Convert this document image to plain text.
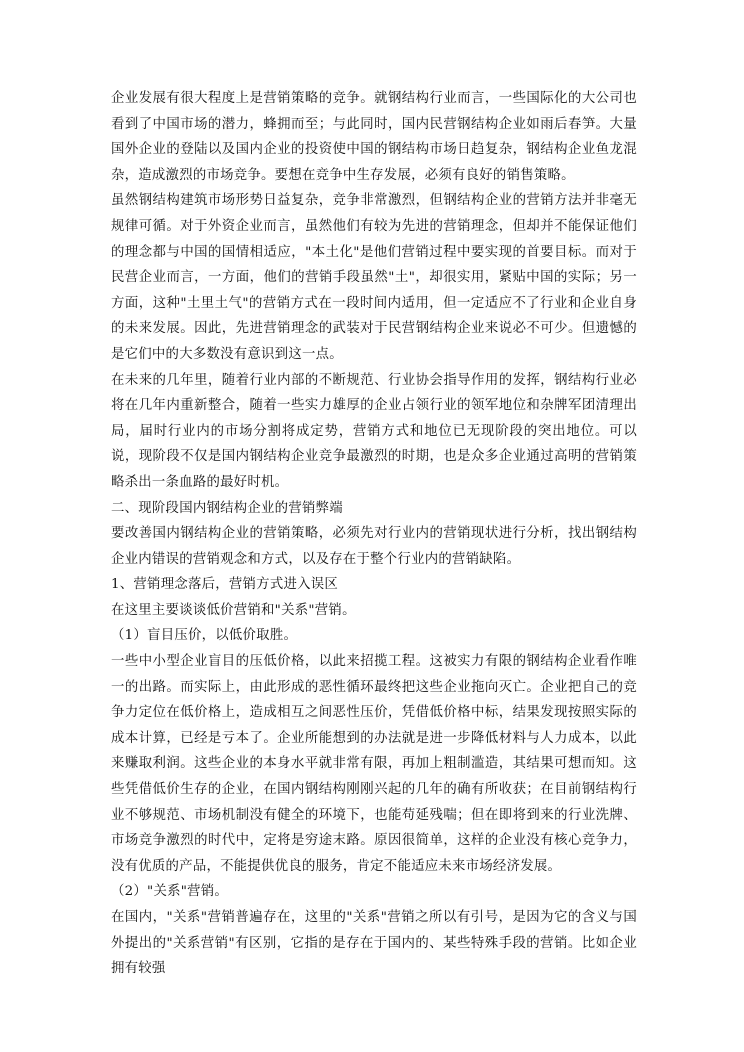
企业发展有很大程度上是营销策略的竞争。就钢结构行业而言，一些国际化的大公司也看到了中国市场的潜力，蜂拥而至；与此同时，国内民营钢结构企业如雨后春笋。大量国外企业的登陆以及国内企业的投资使中国的钢结构市场日趋复杂，钢结构企业鱼龙混杂，造成激烈的市场竞争。要想在竞争中生存发展，必须有良好的销售策略。

虽然钢结构建筑市场形势日益复杂，竞争非常激烈，但钢结构企业的营销方法并非毫无规律可循。对于外资企业而言，虽然他们有较为先进的营销理念，但却并不能保证他们的理念都与中国的国情相适应，"本土化"是他们营销过程中要实现的首要目标。而对于民营企业而言，一方面，他们的营销手段虽然"土"，却很实用，紧贴中国的实际；另一方面，这种"土里土气"的营销方式在一段时间内适用，但一定适应不了行业和企业自身的未来发展。因此，先进营销理念的武装对于民营钢结构企业来说必不可少。但遗憾的是它们中的大多数没有意识到这一点。

在未来的几年里，随着行业内部的不断规范、行业协会指导作用的发挥，钢结构行业必将在几年内重新整合，随着一些实力雄厚的企业占领行业的领军地位和杂牌军团清理出局，届时行业内的市场分割将成定势，营销方式和地位已无现阶段的突出地位。可以说，现阶段不仅是国内钢结构企业竞争最激烈的时期，也是众多企业通过高明的营销策略杀出一条血路的最好时机。

二、现阶段国内钢结构企业的营销弊端

要改善国内钢结构企业的营销策略，必须先对行业内的营销现状进行分析，找出钢结构企业内错误的营销观念和方式，以及存在于整个行业内的营销缺陷。

1、营销理念落后，营销方式进入误区

在这里主要谈谈低价营销和"关系"营销。

（1）盲目压价，以低价取胜。

一些中小型企业盲目的压低价格，以此来招揽工程。这被实力有限的钢结构企业看作唯一的出路。而实际上，由此形成的恶性循环最终把这些企业拖向灭亡。企业把自己的竞争力定位在低价格上，造成相互之间恶性压价，凭借低价格中标，结果发现按照实际的成本计算，已经是亏本了。企业所能想到的办法就是进一步降低材料与人力成本，以此来赚取利润。这些企业的本身水平就非常有限，再加上粗制滥造，其结果可想而知。这些凭借低价生存的企业，在国内钢结构刚刚兴起的几年的确有所收获；在目前钢结构行业不够规范、市场机制没有健全的环境下，也能苟延残喘；但在即将到来的行业洗牌、市场竞争激烈的时代中，定将是穷途末路。原因很简单，这样的企业没有核心竞争力，没有优质的产品，不能提供优良的服务，肯定不能适应未来市场经济发展。

（2）"关系"营销。

在国内，"关系"营销普遍存在，这里的"关系"营销之所以有引号，是因为它的含义与国外提出的"关系营销"有区别，它指的是存在于国内的、某些特殊手段的营销。比如企业拥有较强
